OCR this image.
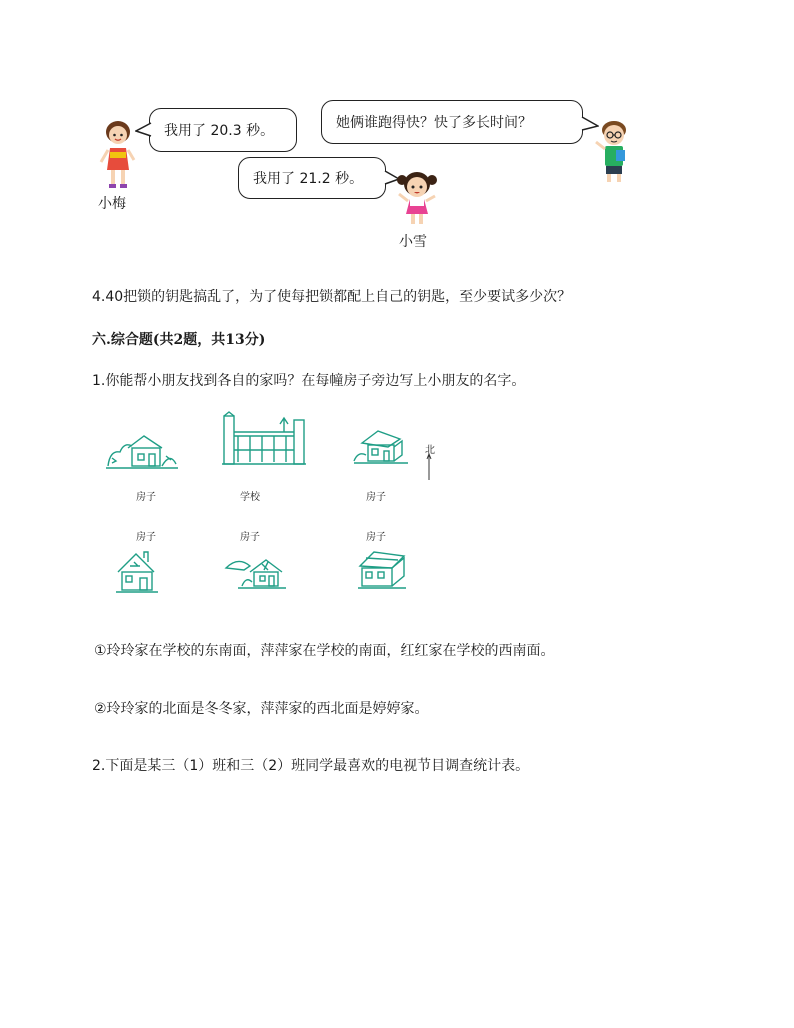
小梅
我用了 20.3 秒。	她俩谁跑得快？快了多长时间？
我用了 21.2 秒。
小雪
4.40把锁的钥匙搞乱了，为了使每把锁都配上自己的钥匙，至少要试多少次？
六.综合题(共2题，共13分)
1.你能帮小朋友找到各自的家吗？在每幢房子旁边写上小朋友的名字。
北
房子	学校	房子
房子	房子	房子
①玲玲家在学校的东南面，萍萍家在学校的南面，红红家在学校的西南面。
②玲玲家的北面是冬冬家，萍萍家的西北面是婷婷家。
2.下面是某三（1）班和三（2）班同学最喜欢的电视节目调查统计表。
